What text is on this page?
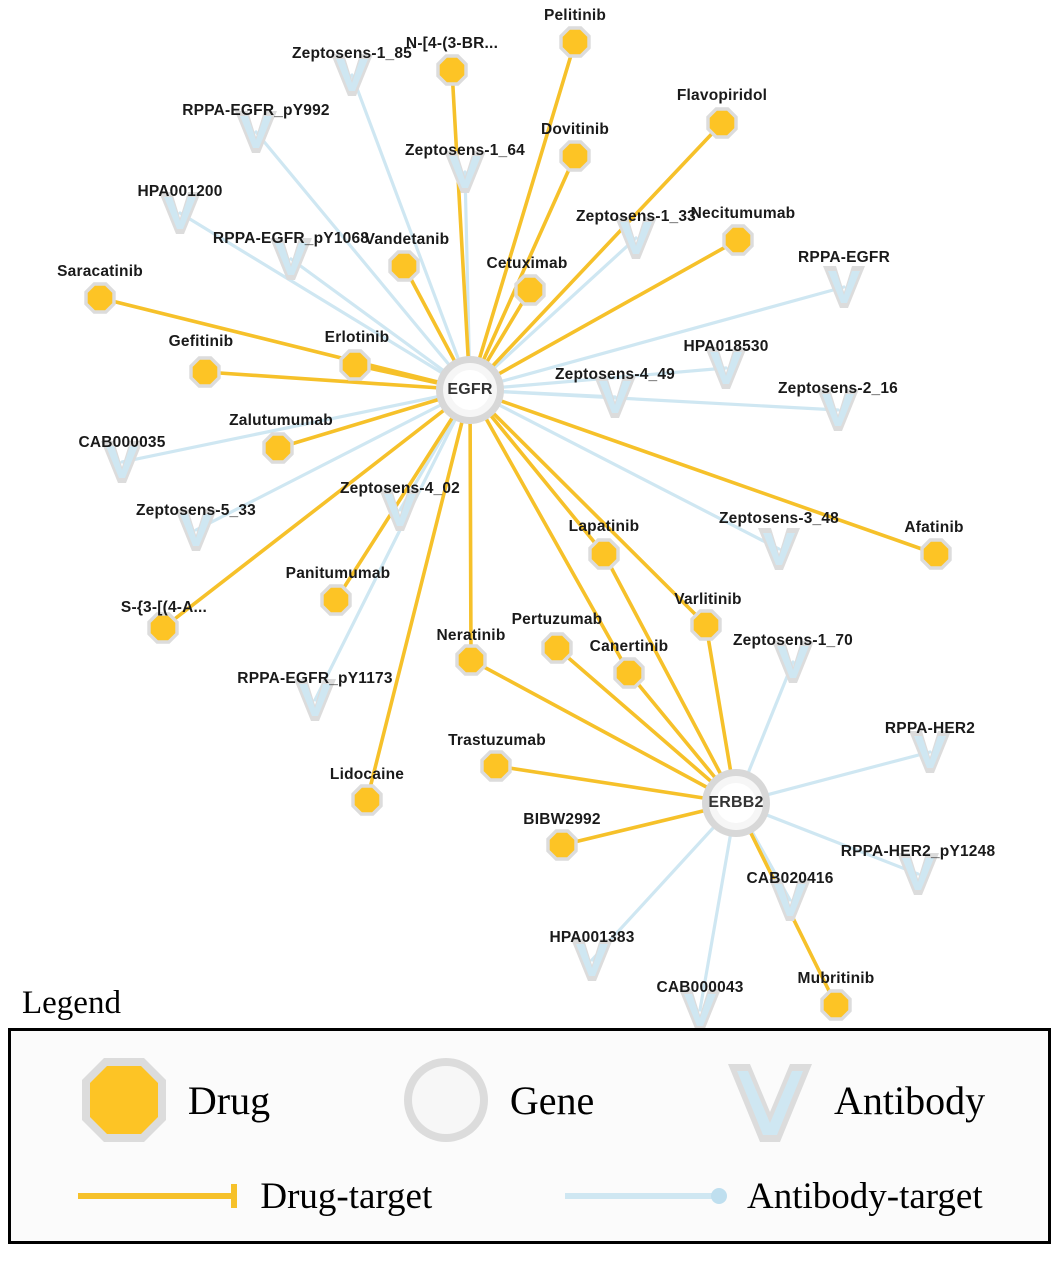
Pelitinib
N-[4-(3-BR...
Flavopiridol
Dovitinib
Necitumumab
Vandetanib
Cetuximab
Saracatinib
Erlotinib
Gefitinib
Zalutumumab
Afatinib
Lapatinib
Panitumumab
S-{3-[(4-A...	Varlitinib
Pertuzumab
Neratinib
Canertinib
Trastuzumab
Lidocaine
BIBW2992
Mubritinib
Zeptosens-1_85
RPPA-EGFR_pY992
Zeptosens-1_64
HPA001200
Zeptosens-1_33
RPPA-EGFR_pY1068
RPPA-EGFR
HPA018530
Zeptosens-4_49
Zeptosens-2_16
CAB000035
Zeptosens-4_02
Zeptosens-5_33	Zeptosens-3_48
Zeptosens-1_70
RPPA-EGFR_pY1173
RPPA-HER2
RPPA-HER2_pY1248
CAB020416
HPA001383
CAB000043
EGFR
ERBB2
Legend
Drug	Gene	Antibody
Drug-target	Antibody-target
